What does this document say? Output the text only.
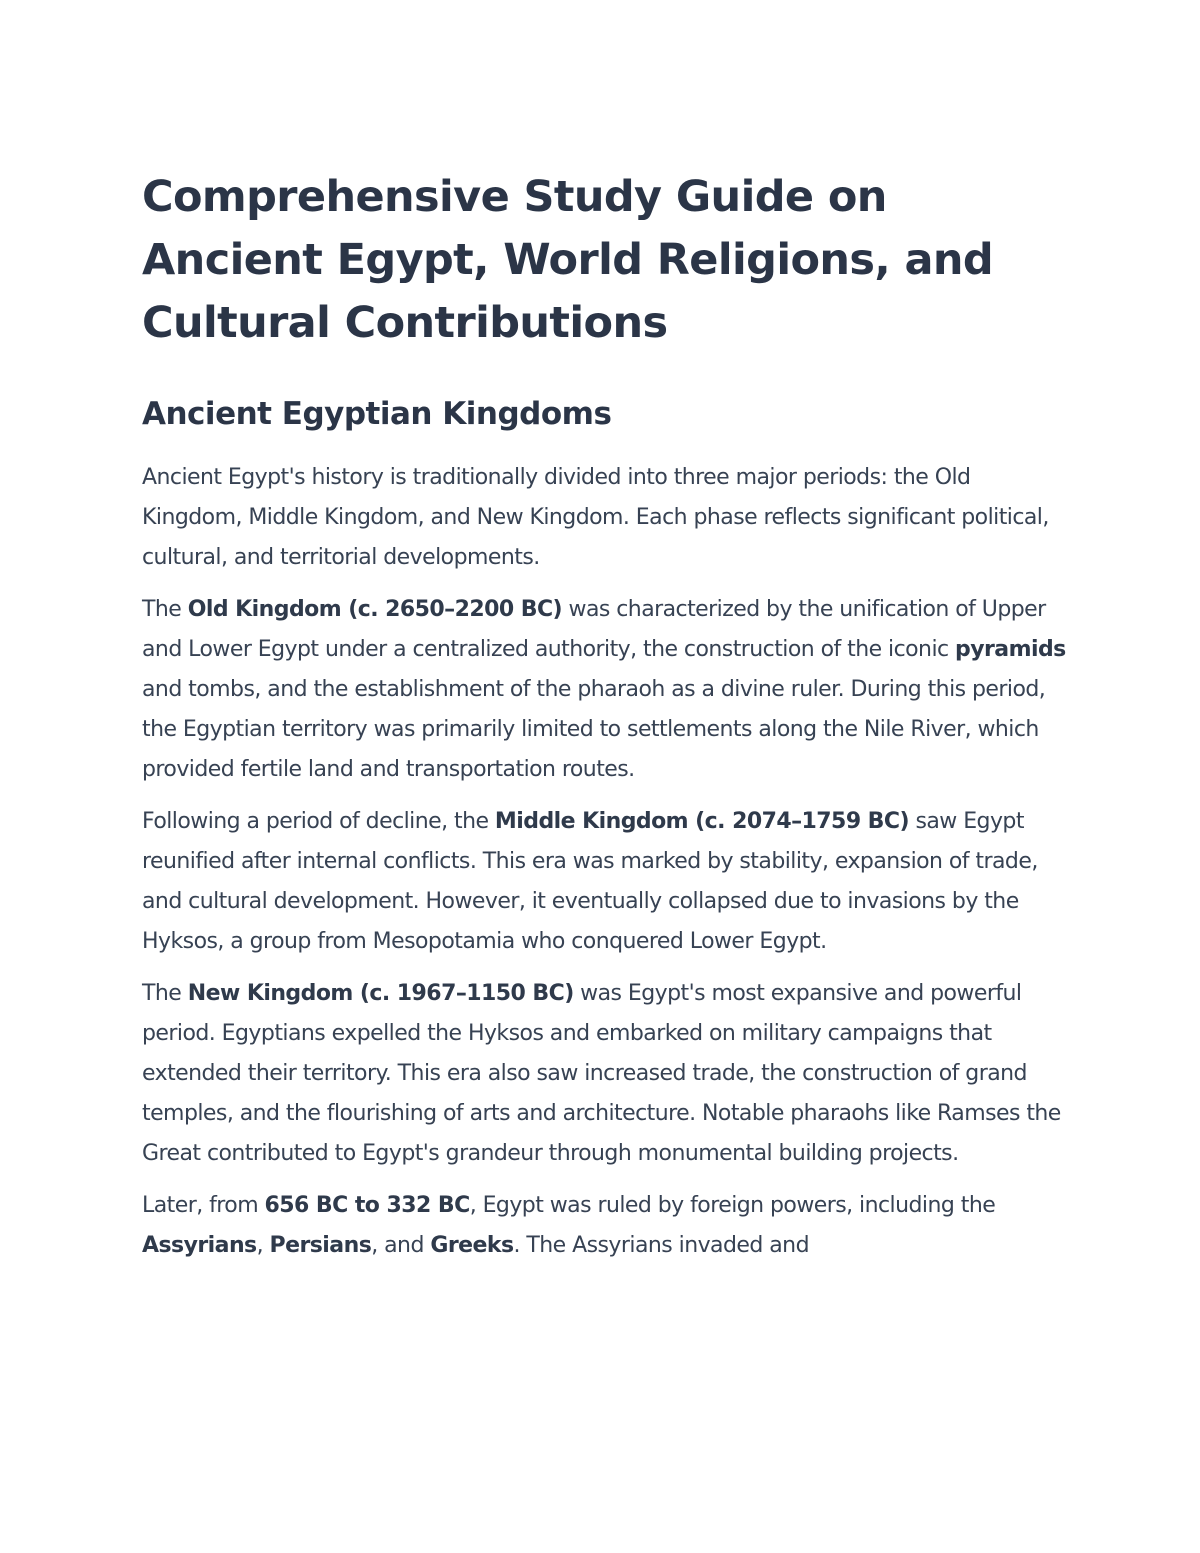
Comprehensive Study Guide on Ancient Egypt, World Religions, and Cultural Contributions
Ancient Egyptian Kingdoms

Ancient Egypt's history is traditionally divided into three major periods: the Old Kingdom, Middle Kingdom, and New Kingdom. Each phase reflects significant political, cultural, and territorial developments.

The Old Kingdom (c. 2650–2200 BC) was characterized by the unification of Upper and Lower Egypt under a centralized authority, the construction of the iconic pyramids and tombs, and the establishment of the pharaoh as a divine ruler. During this period, the Egyptian territory was primarily limited to settlements along the Nile River, which provided fertile land and transportation routes.

Following a period of decline, the Middle Kingdom (c. 2074–1759 BC) saw Egypt reunified after internal conflicts. This era was marked by stability, expansion of trade, and cultural development. However, it eventually collapsed due to invasions by the Hyksos, a group from Mesopotamia who conquered Lower Egypt.

The New Kingdom (c. 1967–1150 BC) was Egypt's most expansive and powerful period. Egyptians expelled the Hyksos and embarked on military campaigns that extended their territory. This era also saw increased trade, the construction of grand temples, and the flourishing of arts and architecture. Notable pharaohs like Ramses the Great contributed to Egypt's grandeur through monumental building projects.

Later, from 656 BC to 332 BC, Egypt was ruled by foreign powers, including the Assyrians, Persians, and Greeks. The Assyrians invaded and
